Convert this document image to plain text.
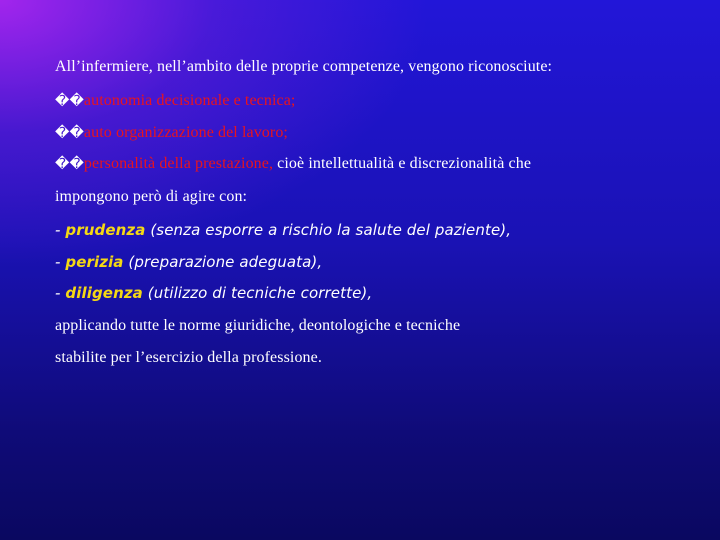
All’infermiere, nell’ambito delle proprie competenze, vengono riconosciute:
��autonomia decisionale e tecnica;
��auto organizzazione del lavoro;
��personalità della prestazione, cioè intellettualità e discrezionalità che
impongono però di agire con:
- prudenza (senza esporre a rischio la salute del paziente),
- perizia (preparazione adeguata),
- diligenza (utilizzo di tecniche corrette),
applicando tutte le norme giuridiche, deontologiche e tecniche
stabilite per l’esercizio della professione.
